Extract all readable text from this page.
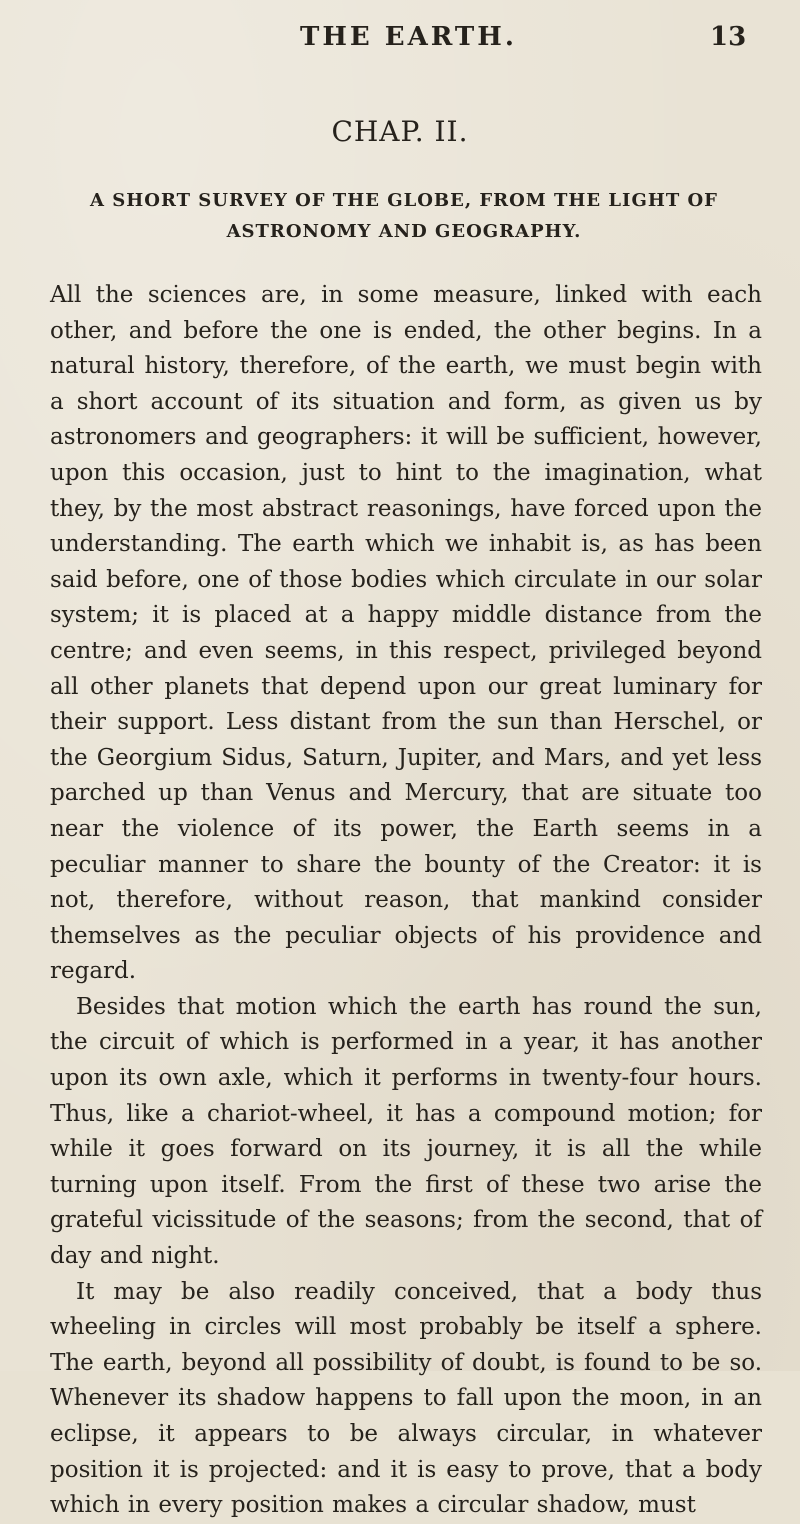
THE EARTH.	13
CHAP. II.
A SHORT SURVEY OF THE GLOBE, FROM THE LIGHT OF
ASTRONOMY AND GEOGRAPHY.

All the sciences are, in some measure, linked with each other, and before the one is ended, the other begins. In a natural history, therefore, of the earth, we must begin with a short account of its situation and form, as given us by astronomers and geographers: it will be sufficient, however, upon this occasion, just to hint to the imagination, what they, by the most abstract reasonings, have forced upon the understanding. The earth which we inhabit is, as has been said before, one of those bodies which circulate in our solar system; it is placed at a happy middle distance from the centre; and even seems, in this respect, privileged beyond all other planets that depend upon our great luminary for their support. Less distant from the sun than Herschel, or the Georgium Sidus, Saturn, Jupiter, and Mars, and yet less parched up than Venus and Mercury, that are situate too near the violence of its power, the Earth seems in a peculiar manner to share the bounty of the Creator: it is not, therefore, without reason, that mankind consider themselves as the peculiar objects of his providence and regard.

Besides that motion which the earth has round the sun, the circuit of which is performed in a year, it has another upon its own axle, which it performs in twenty-four hours. Thus, like a chariot-wheel, it has a compound motion; for while it goes forward on its journey, it is all the while turning upon itself. From the first of these two arise the grateful vicissitude of the seasons; from the second, that of day and night.

It may be also readily conceived, that a body thus wheeling in circles will most probably be itself a sphere. The earth, beyond all possibility of doubt, is found to be so. Whenever its shadow happens to fall upon the moon, in an eclipse, it appears to be always circular, in whatever position it is projected: and it is easy to prove, that a body which in every position makes a circular shadow, must
